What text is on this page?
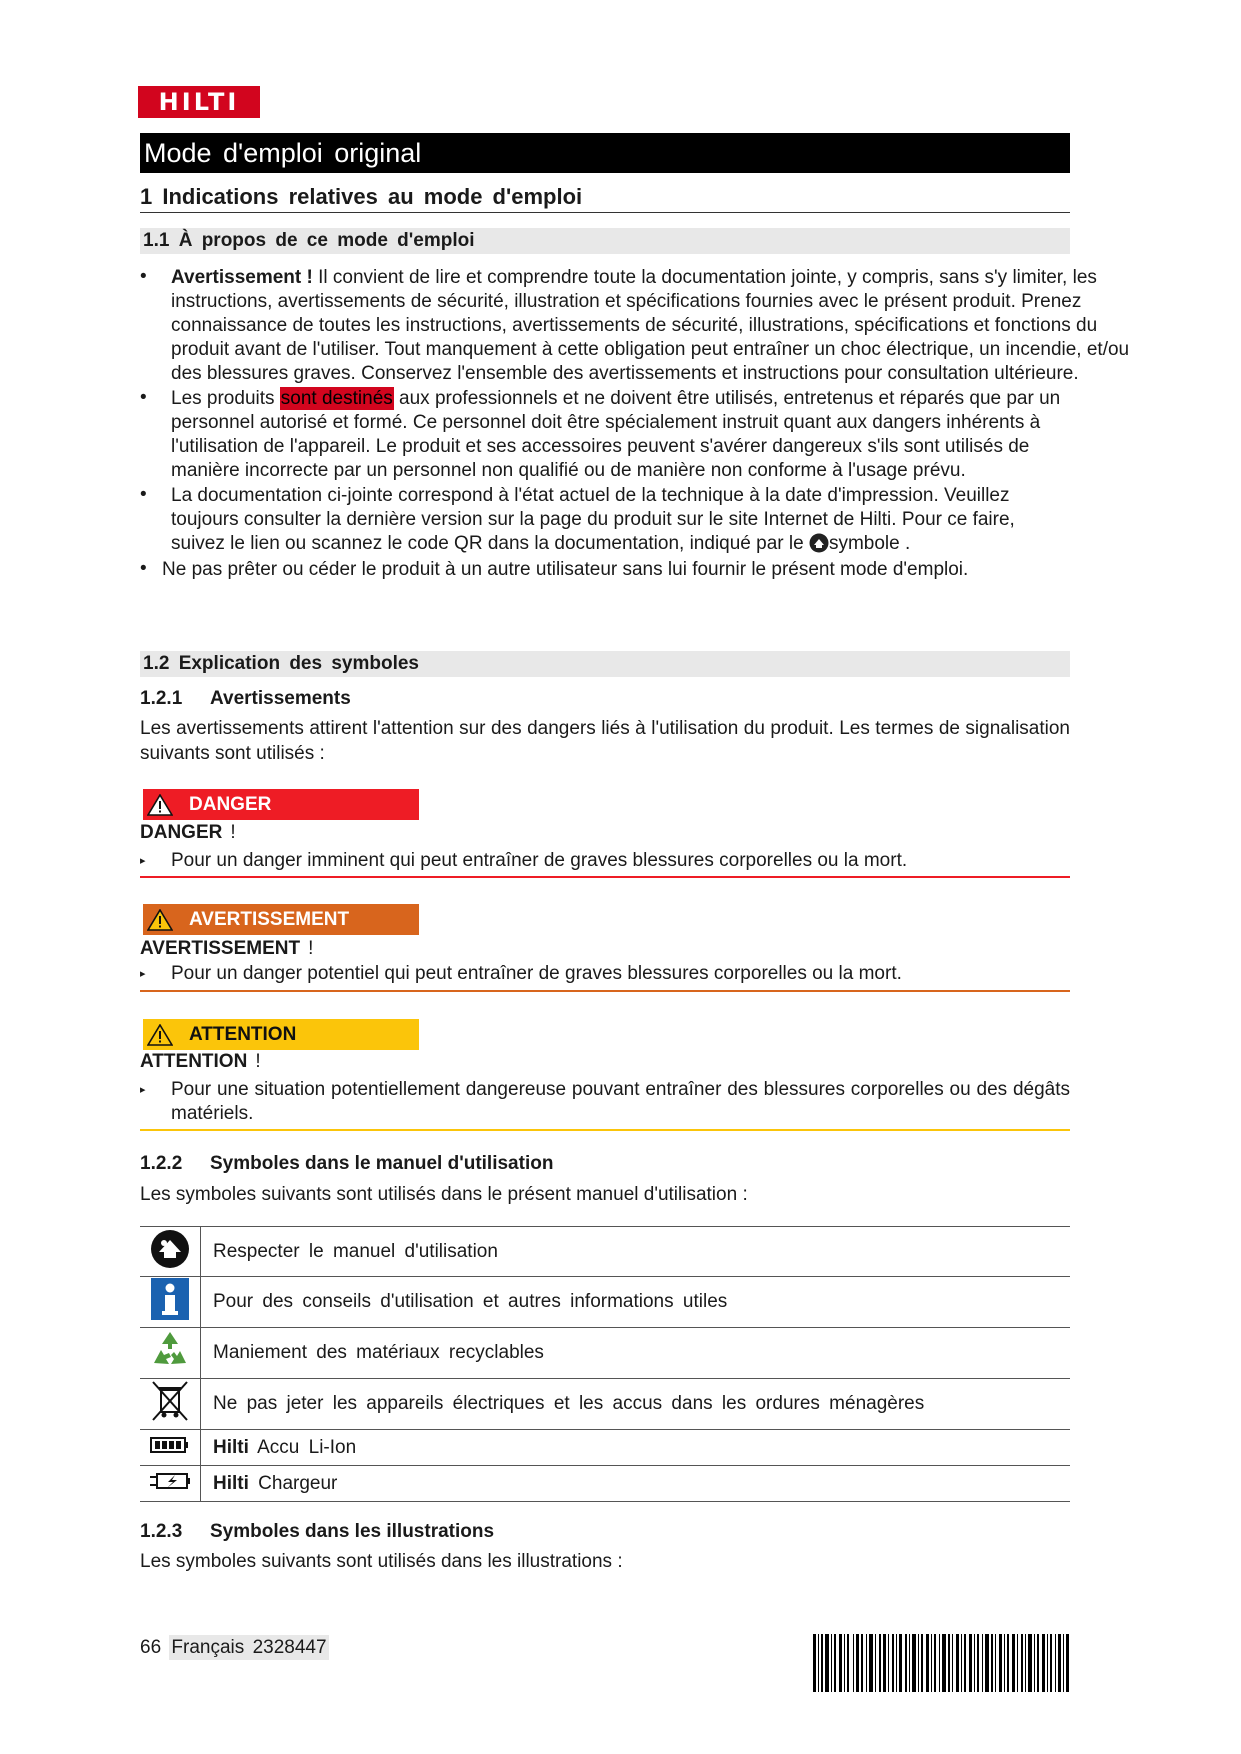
HILTI
Mode d'emploi original
1 Indications relatives au mode d'emploi
1.1 À propos de ce mode d'emploi
•	Avertissement ! Il convient de lire et comprendre toute la documentation jointe, y compris, sans s'y limiter, les instructions, avertissements de sécurité, illustration et spécifications fournies avec le présent produit. Prenez connaissance de toutes les instructions, avertissements de sécurité, illustrations, spécifications et fonctions du produit avant de l'utiliser. Tout manquement à cette obligation peut entraîner un choc électrique, un incendie, et/ou des blessures graves. Conservez l'ensemble des avertissements et instructions pour consultation ultérieure.
•	Les produits sont destinés aux professionnels et ne doivent être utilisés, entretenus et réparés que par un personnel autorisé et formé. Ce personnel doit être spécialement instruit quant aux dangers inhérents à l'utilisation de l'appareil. Le produit et ses accessoires peuvent s'avérer dangereux s'ils sont utilisés de manière incorrecte par un personnel non qualifié ou de manière non conforme à l'usage prévu.
•	La documentation ci-jointe correspond à l'état actuel de la technique à la date d'impression. Veuillez toujours consulter la dernière version sur la page du produit sur le site Internet de Hilti. Pour ce faire, suivez le lien ou scannez le code QR dans la documentation, indiqué par le symbole .
• Ne pas prêter ou céder le produit à un autre utilisateur sans lui fournir le présent mode d'emploi.
1.2 Explication des symboles
1.2.1 Avertissements
Les avertissements attirent l'attention sur des dangers liés à l'utilisation du produit. Les termes de signalisation suivants sont utilisés :
DANGER
DANGER !
▸ Pour un danger imminent qui peut entraîner de graves blessures corporelles ou la mort.
AVERTISSEMENT
AVERTISSEMENT !
▸ Pour un danger potentiel qui peut entraîner de graves blessures corporelles ou la mort.
ATTENTION
ATTENTION !
▸ Pour une situation potentiellement dangereuse pouvant entraîner des blessures corporelles ou des dégâts matériels.
1.2.2 Symboles dans le manuel d'utilisation
Les symboles suivants sont utilisés dans le présent manuel d'utilisation :
	Respecter le manuel d'utilisation
	Pour des conseils d'utilisation et autres informations utiles
	Maniement des matériaux recyclables
	Ne pas jeter les appareils électriques et les accus dans les ordures ménagères
	Hilti Accu Li-Ion
	Hilti Chargeur
1.2.3 Symboles dans les illustrations
Les symboles suivants sont utilisés dans les illustrations :
66 Français 2328447
